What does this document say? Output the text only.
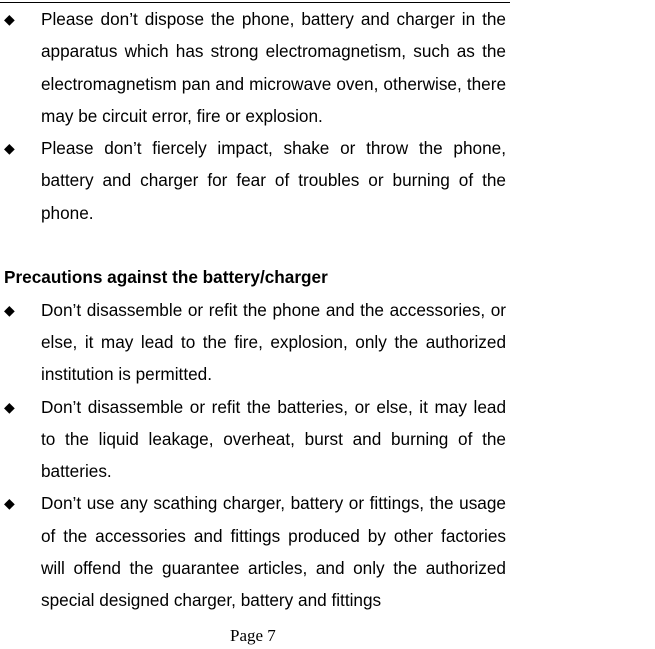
◆ Please don’t dispose the phone, battery and charger in the apparatus which has strong electromagnetism, such as the electromagnetism pan and microwave oven, otherwise, there may be circuit error, fire or explosion.
◆ Please don’t fiercely impact, shake or throw the phone, battery and charger for fear of troubles or burning of the phone.
Precautions against the battery/charger
◆ Don’t disassemble or refit the phone and the accessories, or else, it may lead to the fire, explosion, only the authorized institution is permitted.
◆ Don’t disassemble or refit the batteries, or else, it may lead to the liquid leakage, overheat, burst and burning of the batteries.
◆ Don’t use any scathing charger, battery or fittings, the usage of the accessories and fittings produced by other factories will offend the guarantee articles, and only the authorized special designed charger, battery and fittings
Page 7
